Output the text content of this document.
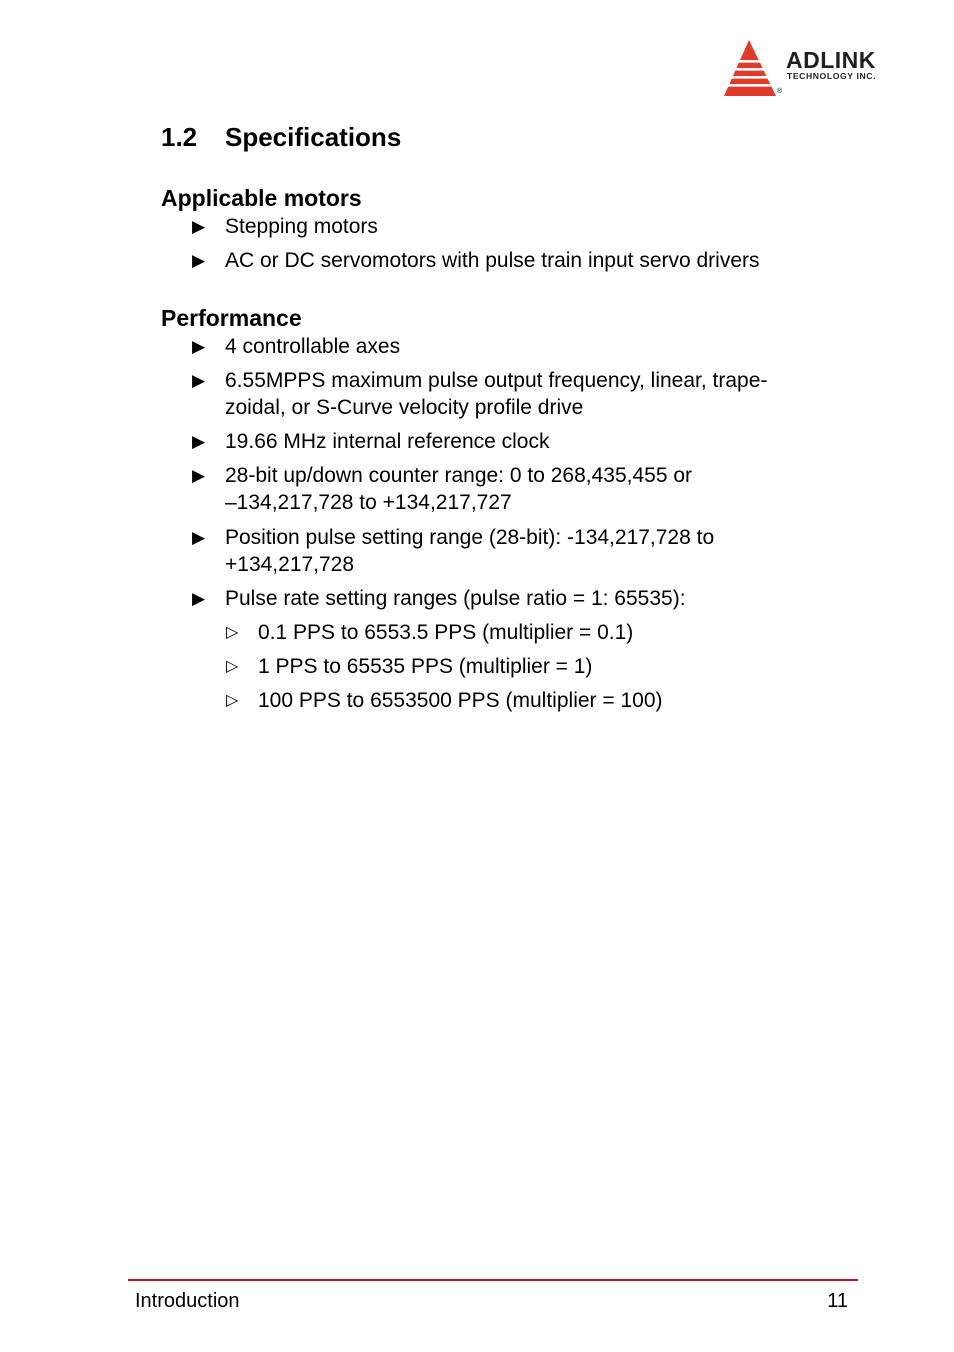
ADLINK
TECHNOLOGY INC.
®
1.2 Specifications
Applicable motors
▶ Stepping motors
▶ AC or DC servomotors with pulse train input servo drivers
Performance
▶ 4 controllable axes
▶ 6.55MPPS maximum pulse output frequency, linear, trape-
zoidal, or S-Curve velocity profile drive
▶ 19.66 MHz internal reference clock
▶ 28-bit up/down counter range: 0 to 268,435,455 or
–134,217,728 to +134,217,727
▶ Position pulse setting range (28-bit): -134,217,728 to
+134,217,728
▶ Pulse rate setting ranges (pulse ratio = 1: 65535):
▷ 0.1 PPS to 6553.5 PPS (multiplier = 0.1)
▷ 1 PPS to 65535 PPS (multiplier = 1)
▷ 100 PPS to 6553500 PPS (multiplier = 100)
Introduction	11
